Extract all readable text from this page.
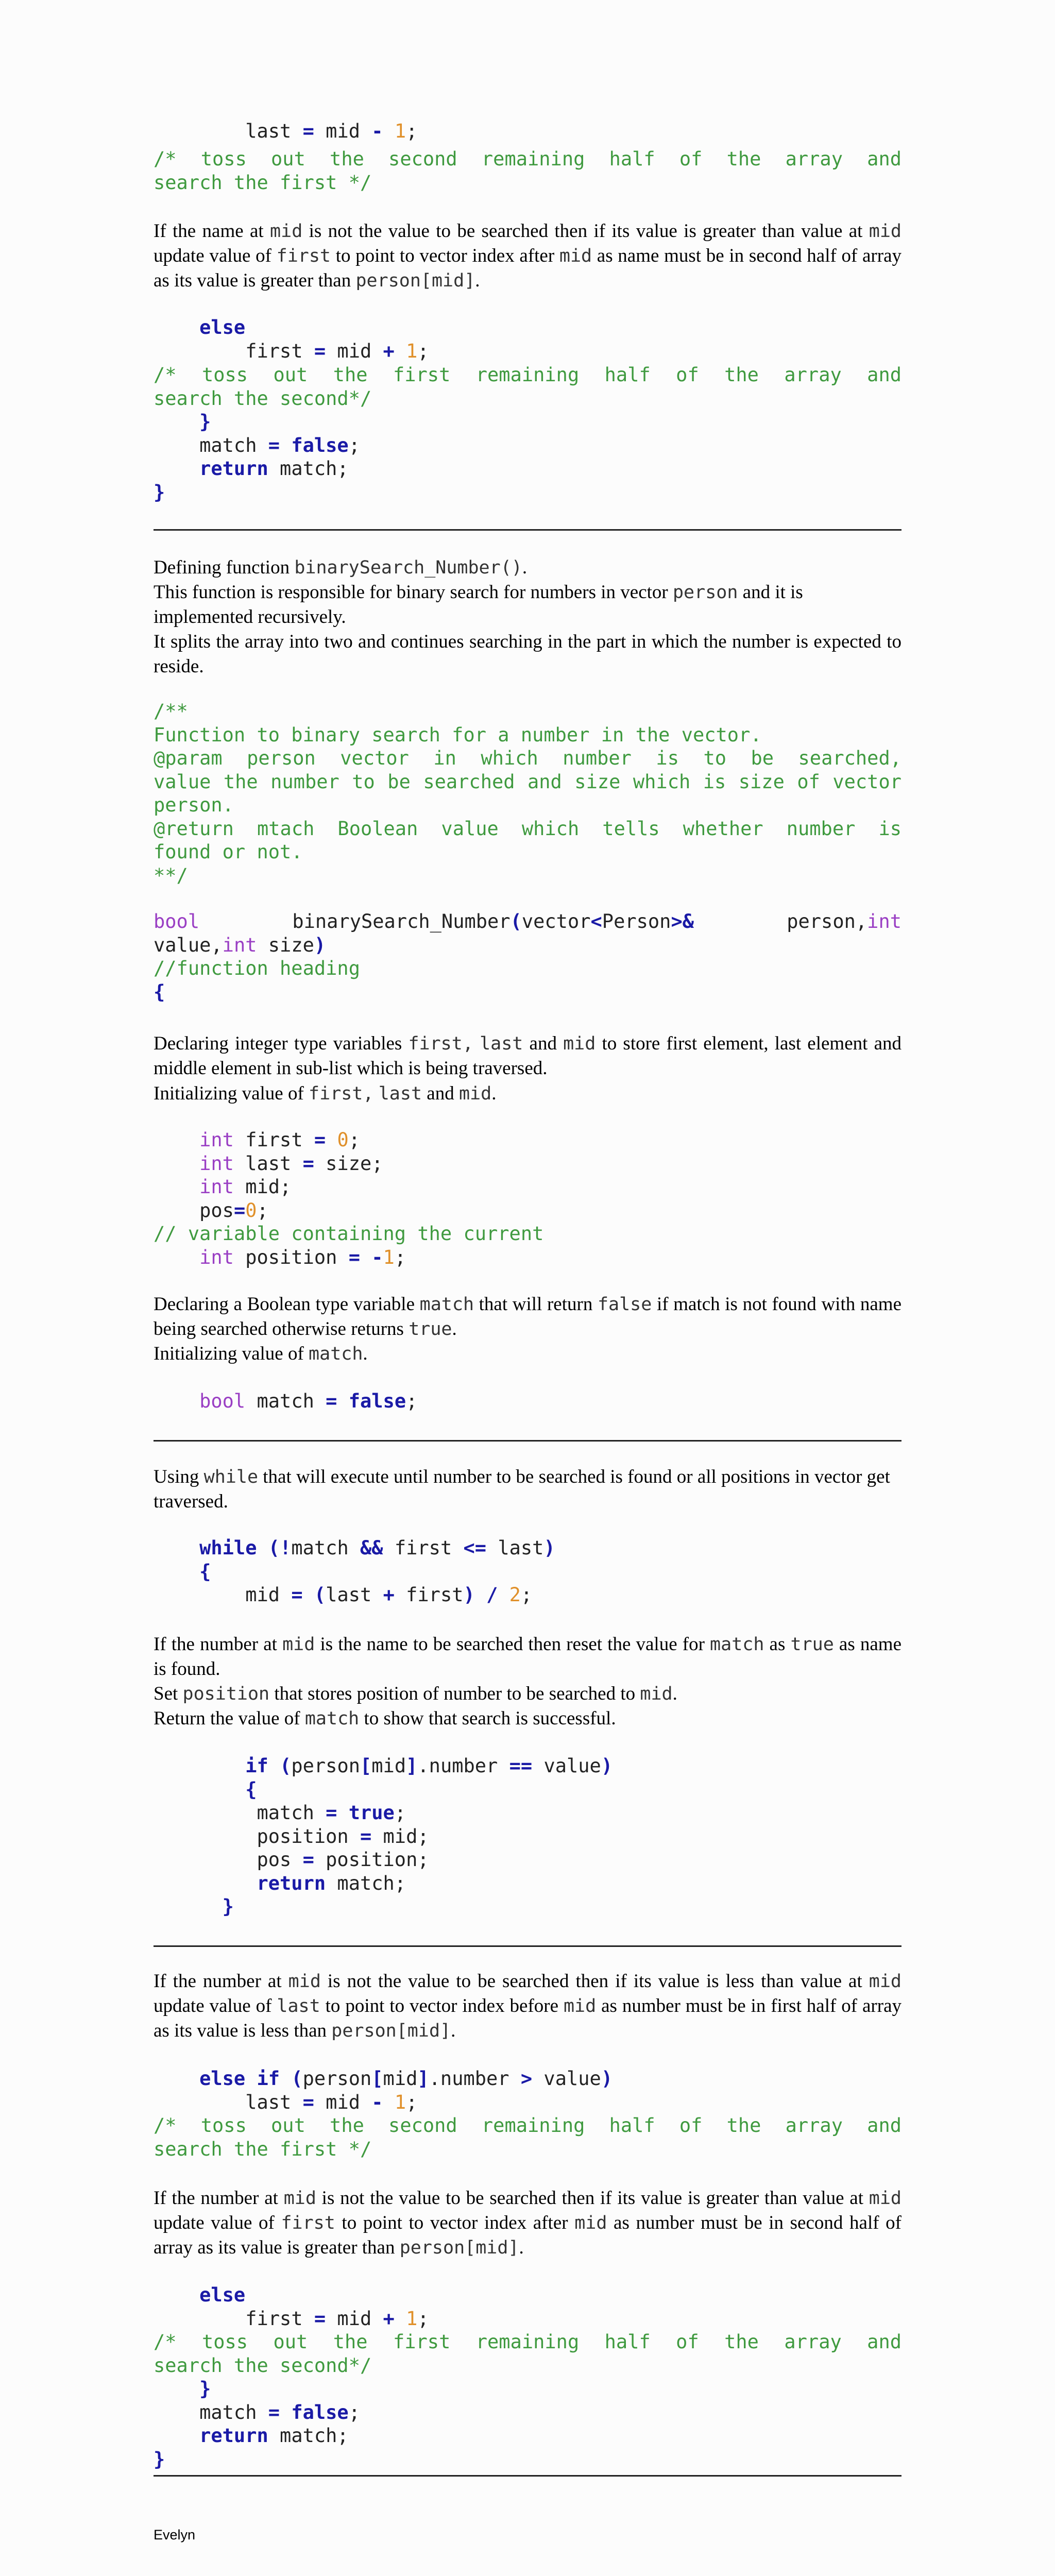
last = mid - 1;
/*  toss  out  the  second  remaining  half  of  the  array  and  search the first */
If the name at mid is not the value to be searched then if its value is greater than value at mid update value of first to point to vector index after mid as name must be in second half of array as its value is greater than person[mid].
else
first = mid + 1;
/*  toss  out  the  first  remaining  half  of  the  array  and  search the second*/
}
match = false;
return match;
}
Defining function binarySearch_Number().
This function is responsible for binary search for numbers in vector person and it is implemented recursively.
It splits the array into two and continues searching in the part in which the number is expected to reside.
/**
Function to binary search for a number in the vector.
@param  person  vector  in  which  number  is  to  be  searched,  value the number to be searched and size which is size of vector person.
@return  mtach  Boolean  value  which  tells  whether  number  is  found or not.
**/
bool	binarySearch_Number(vector<Person>&	person,int value,int size)
//function heading
{
Declaring integer type variables first, last and mid to store first element, last element and middle element in sub-list which is being traversed.
Initializing value of first, last and mid.
int first = 0;
int last = size;
int mid;
pos=0;
// variable containing the current
int position = -1;
Declaring a Boolean type variable match that will return false if match is not found with name being searched otherwise returns true.
Initializing value of match.
bool match = false;
Using while that will execute until number to be searched is found or all positions in vector get traversed.
while (!match && first <= last)
{
mid = (last + first) / 2;
If the number at mid is the name to be searched then reset the value for match as true as name is found.
Set position that stores position of number to be searched to mid.
Return the value of match to show that search is successful.
if (person[mid].number == value)
{
match = true;
position = mid;
pos = position;
return match;
}
If the number at mid is not the value to be searched then if its value is less than value at mid update value of last to point to vector index before mid as number must be in first half of array as its value is less than person[mid].
else if (person[mid].number > value)
last = mid - 1;
/*  toss  out  the  second  remaining  half  of  the  array  and  search the first */
If the number at mid is not the value to be searched then if its value is greater than value at mid update value of first to point to vector index after mid as number must be in second half of array as its value is greater than person[mid].
else
first = mid + 1;
/*  toss  out  the  first  remaining  half  of  the  array  and  search the second*/
}
match = false;
return match;
}
Evelyn
